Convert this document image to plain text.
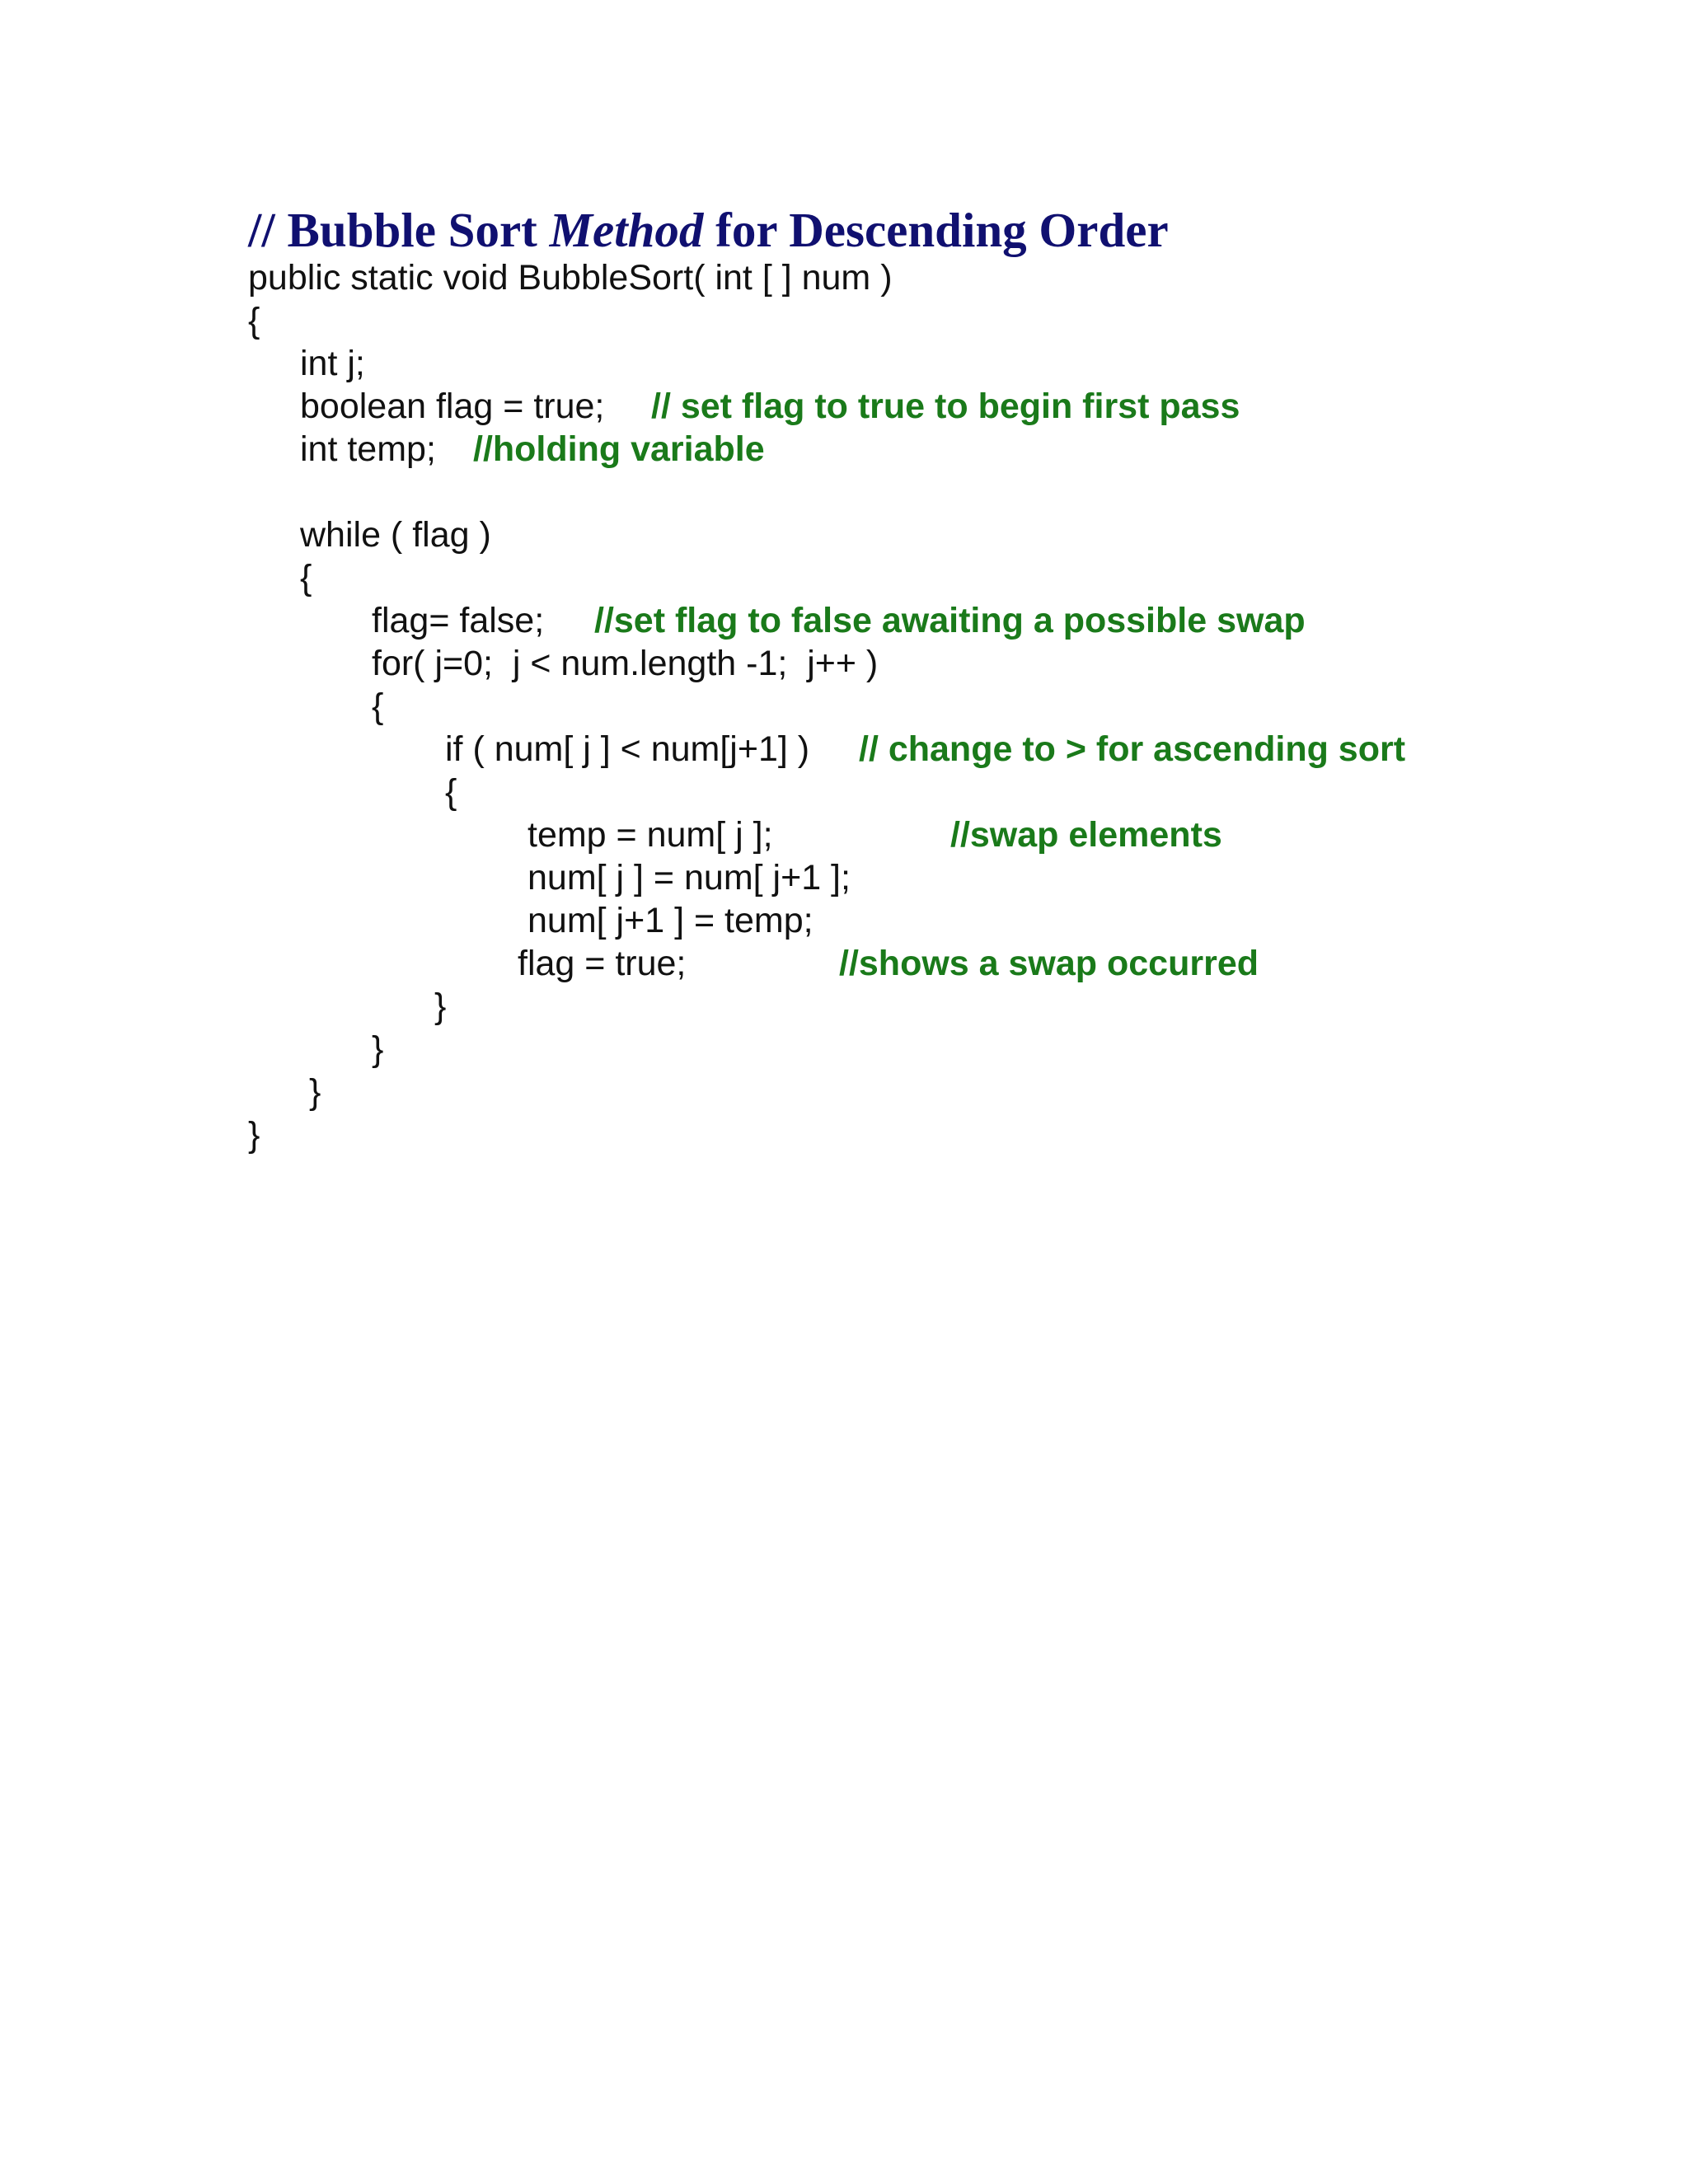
// Bubble Sort Method for Descending Order
public static void BubbleSort( int [ ] num )
{
int j;
boolean flag = true; // set flag to true to begin first pass
int temp; //holding variable
while ( flag )
{
flag= false; //set flag to false awaiting a possible swap
for( j=0;  j < num.length -1;  j++ )
{
if ( num[ j ] < num[j+1] ) // change to > for ascending sort
{
temp = num[ j ];	//swap elements
num[ j ] = num[ j+1 ];
num[ j+1 ] = temp;
flag = true;	//shows a swap occurred
}
}
}
}
